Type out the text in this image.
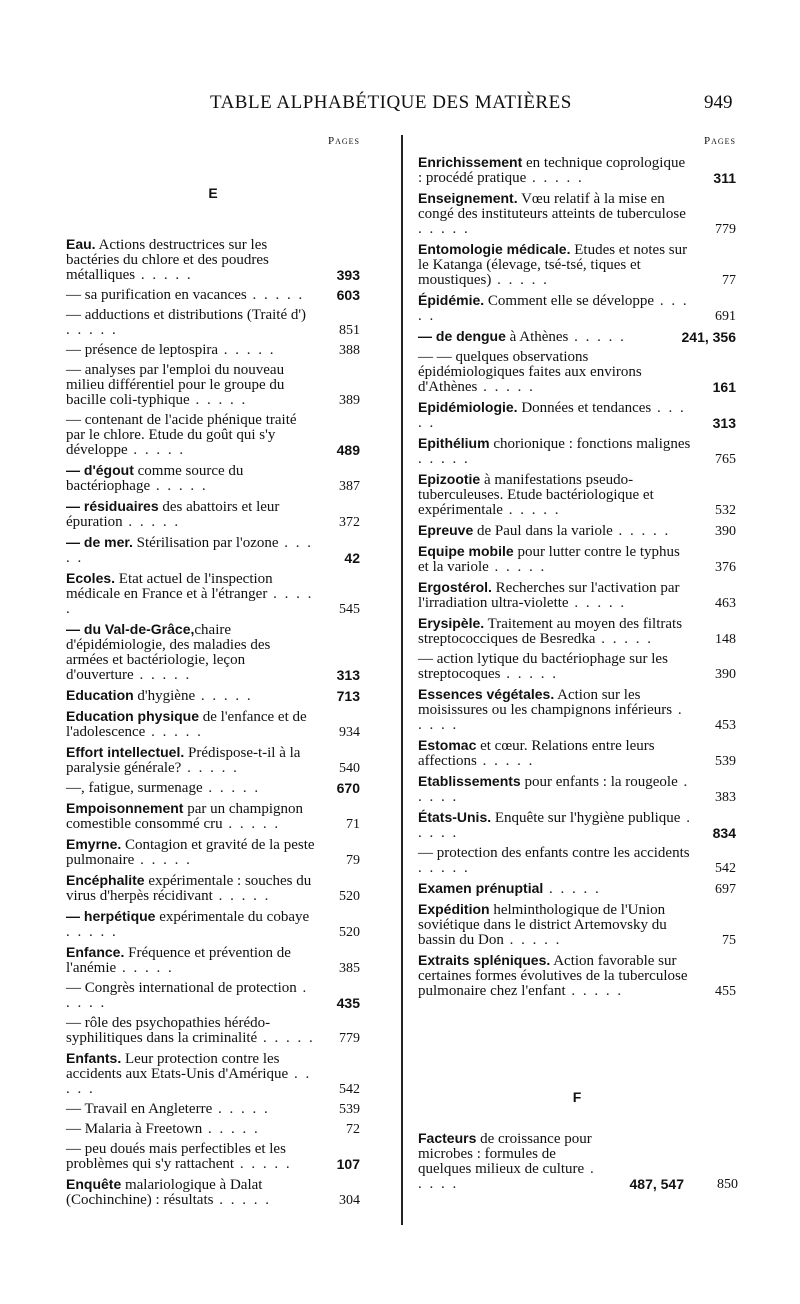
TABLE ALPHABÉTIQUE DES MATIÈRES	949
Pages
E
Eau. Actions destructrices sur les bactéries du chlore et des poudres métalliques . . . . .	393
— sa purification en vacances . . . . .	603
— adductions et distributions (Traité d') . . . . .	851
— présence de leptospira . . . . .	388
— analyses par l'emploi du nouveau milieu différentiel pour le groupe du bacille coli-typhique . . . . .	389
— contenant de l'acide phénique traité par le chlore. Etude du goût qui s'y développe . . . . .	489
— d'égout comme source du bactériophage . . . . .	387
— résiduaires des abattoirs et leur épuration . . . . .	372
— de mer. Stérilisation par l'ozone . . . . .	42
Ecoles. Etat actuel de l'inspection médicale en France et à l'étranger . . . . .	545
— du Val-de-Grâce,chaire d'épidémiologie, des maladies des armées et bactériologie, leçon d'ouverture . . . . .	313
Education d'hygiène . . . . .	713
Education physique de l'enfance et de l'adolescence . . . . .	934
Effort intellectuel. Prédispose-t-il à la paralysie générale? . . . . .	540
—, fatigue, surmenage . . . . .	670
Empoisonnement par un champignon comestible consommé cru . . . . .	71
Emyrne. Contagion et gravité de la peste pulmonaire . . . . .	79
Encéphalite expérimentale : souches du virus d'herpès récidivant . . . . .	520
— herpétique expérimentale du cobaye . . . . .	520
Enfance. Fréquence et prévention de l'anémie . . . . .	385
— Congrès international de protection . . . . .	435
— rôle des psychopathies hérédo-syphilitiques dans la criminalité . . . . .	779
Enfants. Leur protection contre les accidents aux Etats-Unis d'Amérique . . . . .	542
— Travail en Angleterre . . . . .	539
— Malaria à Freetown . . . . .	72
— peu doués mais perfectibles et les problèmes qui s'y rattachent . . . . .	107
Enquête malariologique à Dalat (Cochinchine) : résultats . . . . .	304
Pages
Enrichissement en technique coprologique : procédé pratique . . . . .	311
Enseignement. Vœu relatif à la mise en congé des instituteurs atteints de tuberculose . . . . .	779
Entomologie médicale. Etudes et notes sur le Katanga (élevage, tsé-tsé, tiques et moustiques) . . . . .	77
Épidémie. Comment elle se développe . . . . .	691
— de dengue à Athènes . . . . .	241, 356
— — quelques observations épidémiologiques faites aux environs d'Athènes . . . . .	161
Epidémiologie. Données et tendances . . . . .	313
Epithélium chorionique : fonctions malignes . . . . .	765
Epizootie à manifestations pseudo-tuberculeuses. Etude bactériologique et expérimentale . . . . .	532
Epreuve de Paul dans la variole . . . . .	390
Equipe mobile pour lutter contre le typhus et la variole . . . . .	376
Ergostérol. Recherches sur l'activation par l'irradiation ultra-violette . . . . .	463
Erysipèle. Traitement au moyen des filtrats streptococciques de Besredka . . . . .	148
— action lytique du bactériophage sur les streptocoques . . . . .	390
Essences végétales. Action sur les moisissures ou les champignons inférieurs . . . . .	453
Estomac et cœur. Relations entre leurs affections . . . . .	539
Etablissements pour enfants : la rougeole . . . . .	383
États-Unis. Enquête sur l'hygiène publique . . . . .	834
— protection des enfants contre les accidents . . . . .	542
Examen prénuptial . . . . .	697
Expédition helminthologique de l'Union soviétique dans le district Artemovsky du bassin du Don . . . . .	75
Extraits spléniques. Action favorable sur certaines formes évolutives de la tuberculose pulmonaire chez l'enfant . . . . .	455
F
Facteurs de croissance pour microbes : formules de quelques milieux de culture . . . . .	487, 547	850
